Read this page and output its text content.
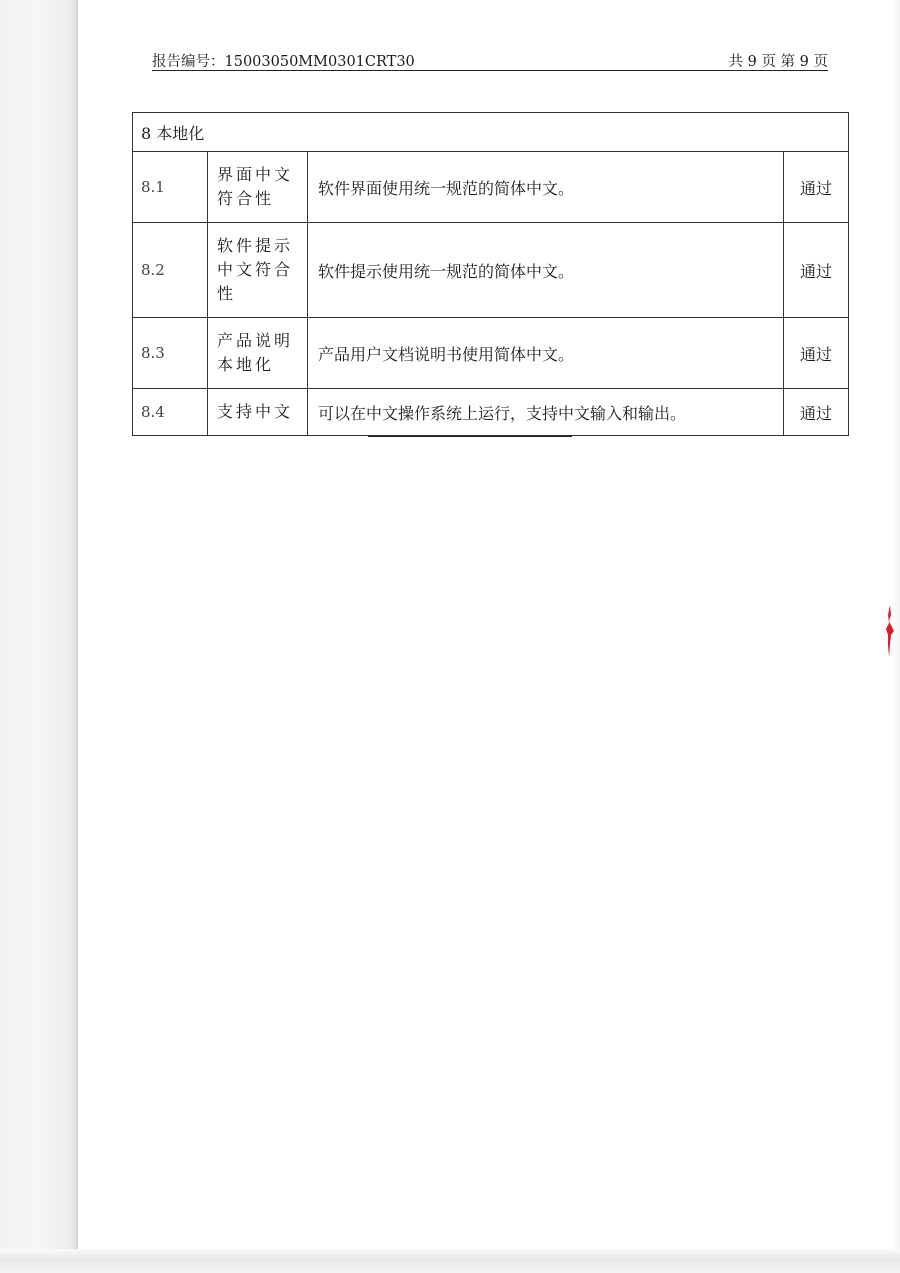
报告编号：15003050MM0301CRT30	共 9 页 第 9 页
8 本地化			
8.1	界面中文符合性	软件界面使用统一规范的简体中文。	通过
8.2	软件提示中文符合性	软件提示使用统一规范的简体中文。	通过
8.3	产品说明本地化	产品用户文档说明书使用简体中文。	通过
8.4	支持中文	可以在中文操作系统上运行，支持中文输入和输出。	通过
